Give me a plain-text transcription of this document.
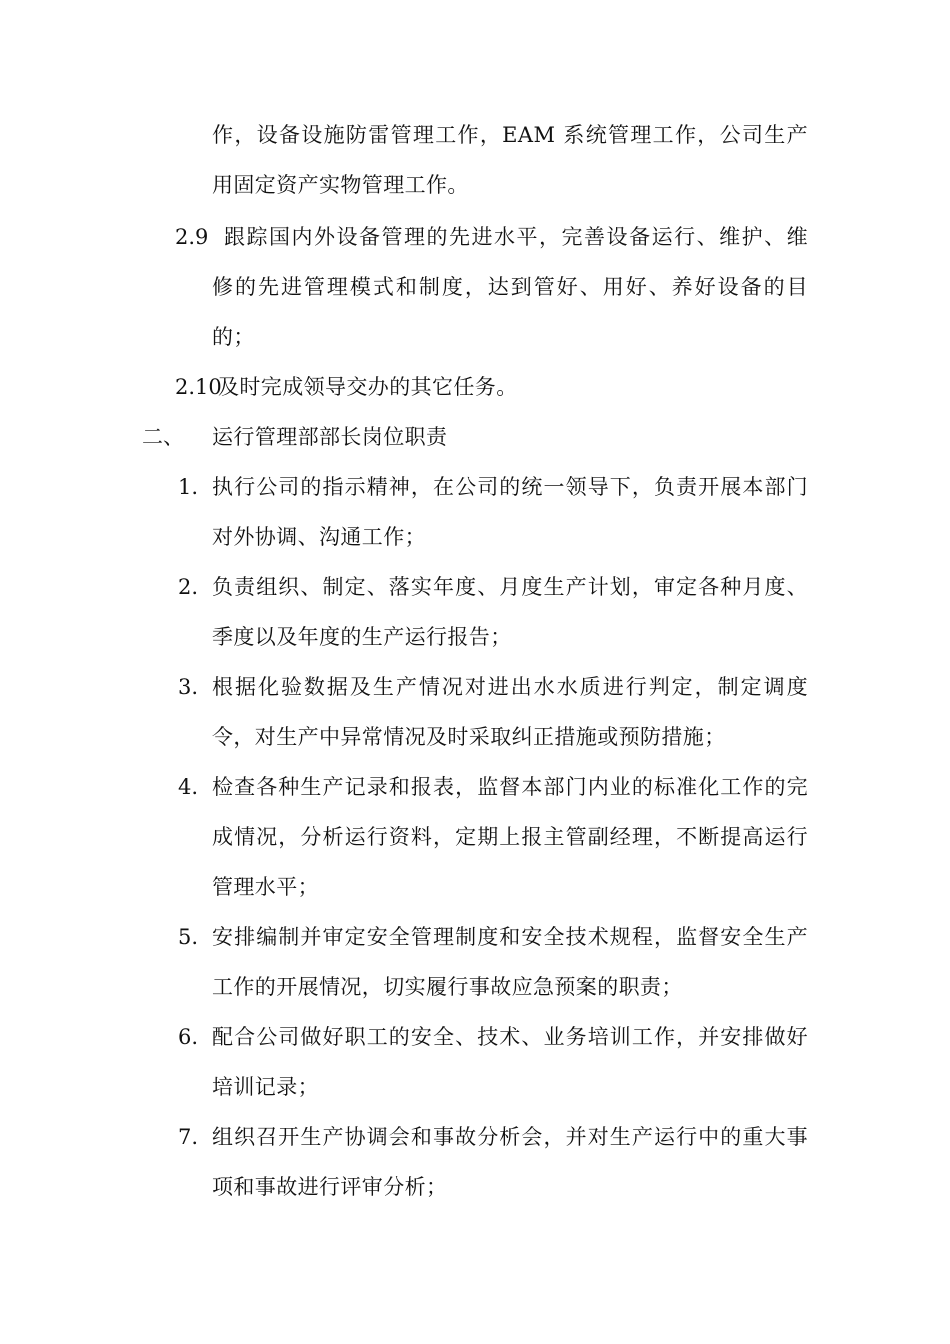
作，设备设施防雷管理工作，EAM 系统管理工作，公司生产
用固定资产实物管理工作。
2.9 跟踪国内外设备管理的先进水平，完善设备运行、维护、维
修的先进管理模式和制度，达到管好、用好、养好设备的目
的；
2.10
及时完成领导交办的其它任务。
二、 运行管理部部长岗位职责
1. 执行公司的指示精神，在公司的统一领导下，负责开展本部门
对外协调、沟通工作；
2. 负责组织、制定、落实年度、月度生产计划，审定各种月度、
季度以及年度的生产运行报告；
3. 根据化验数据及生产情况对进出水水质进行判定，制定调度
令，对生产中异常情况及时采取纠正措施或预防措施；
4. 检查各种生产记录和报表，监督本部门内业的标准化工作的完
成情况，分析运行资料，定期上报主管副经理，不断提高运行
管理水平；
5. 安排编制并审定安全管理制度和安全技术规程，监督安全生产
工作的开展情况，切实履行事故应急预案的职责；
6. 配合公司做好职工的安全、技术、业务培训工作，并安排做好
培训记录；
7. 组织召开生产协调会和事故分析会，并对生产运行中的重大事
项和事故进行评审分析；
